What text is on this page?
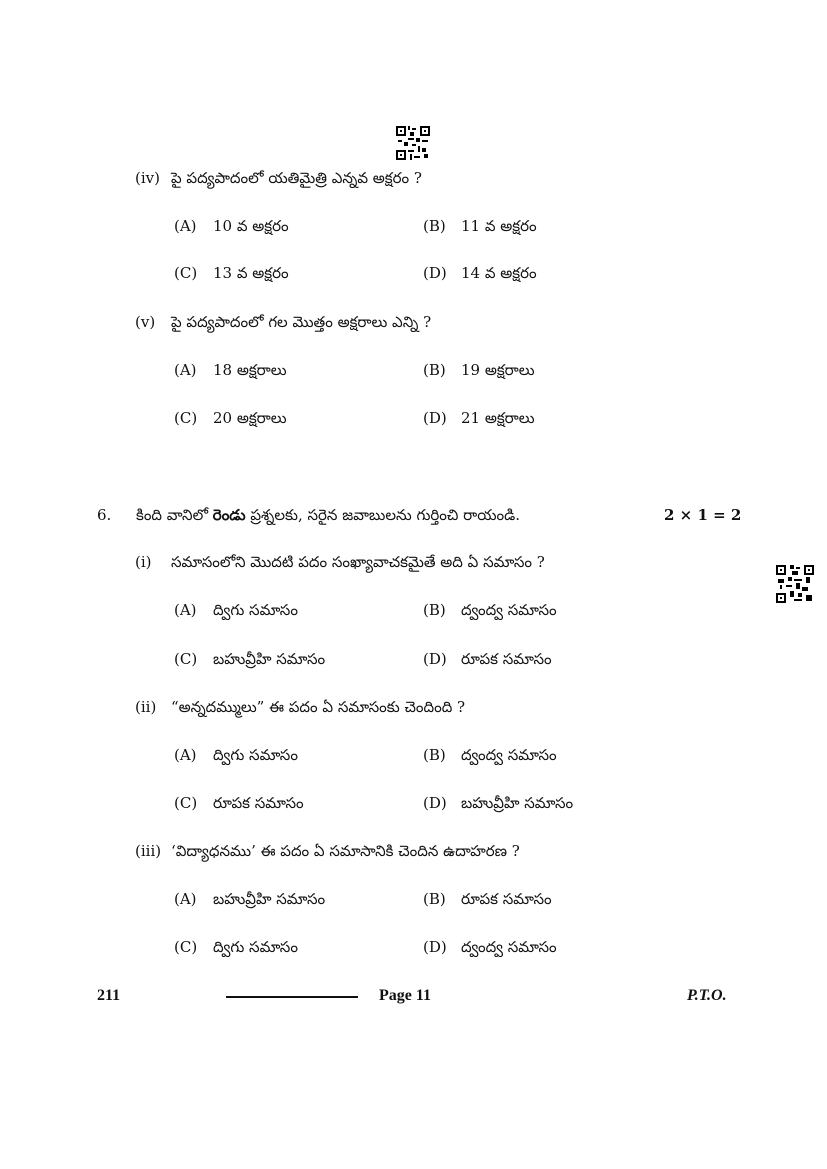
(iv) పై పద్యపాదంలో యతిమైత్రి ఎన్నవ అక్షరం ?
(A) 10 వ అక్షరం	(B) 11 వ అక్షరం
(C) 13 వ అక్షరం	(D) 14 వ అక్షరం
(v) పై పద్యపాదంలో గల మొత్తం అక్షరాలు ఎన్ని ?
(A) 18 అక్షరాలు	(B) 19 అక్షరాలు
(C) 20 అక్షరాలు	(D) 21 అక్షరాలు
6. కింది వానిలో రెండు ప్రశ్నలకు, సరైన జవాబులను గుర్తించి రాయండి.	2 × 1 = 2
(i) సమాసంలోని మొదటి పదం సంఖ్యావాచకమైతే అది ఏ సమాసం ?
(A) ద్విగు సమాసం	(B) ద్వంద్వ సమాసం
(C) బహువ్రీహి సమాసం	(D) రూపక సమాసం
(ii) “అన్నదమ్ములు” ఈ పదం ఏ సమాసంకు చెందింది ?
(A) ద్విగు సమాసం	(B) ద్వంద్వ సమాసం
(C) రూపక సమాసం	(D) బహువ్రీహి సమాసం
(iii) ‘విద్యాధనము’ ఈ పదం ఏ సమాసానికి చెందిన ఉదాహరణ ?
(A) బహువ్రీహి సమాసం	(B) రూపక సమాసం
(C) ద్విగు సమాసం	(D) ద్వంద్వ సమాసం
211	Page 11	P.T.O.
